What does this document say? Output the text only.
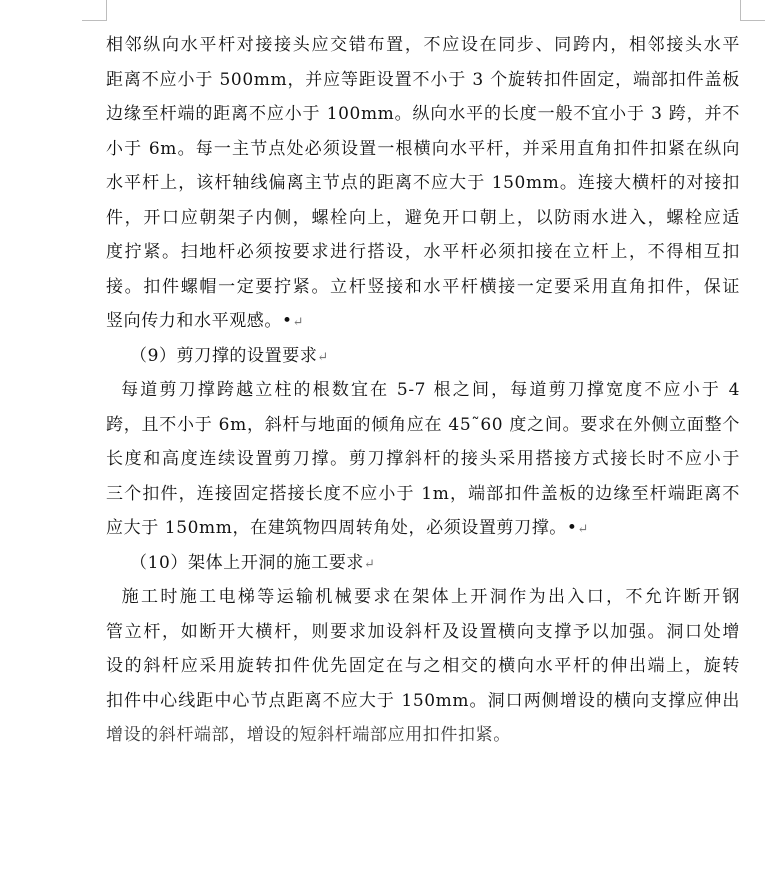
相邻纵向水平杆对接接头应交错布置，不应设在同步、同跨内，相邻接头水平
距离不应小于 500mm，并应等距设置不小于 3 个旋转扣件固定，端部扣件盖板
边缘至杆端的距离不应小于 100mm。纵向水平的长度一般不宜小于 3 跨，并不
小于 6m。每一主节点处必须设置一根横向水平杆，并采用直角扣件扣紧在纵向
水平杆上，该杆轴线偏离主节点的距离不应大于 150mm。连接大横杆的对接扣
件，开口应朝架子内侧，螺栓向上，避免开口朝上，以防雨水进入，螺栓应适
度拧紧。扫地杆必须按要求进行搭设，水平杆必须扣接在立杆上，不得相互扣
接。扣件螺帽一定要拧紧。立杆竖接和水平杆横接一定要采用直角扣件，保证
竖向传力和水平观感。•↵
（9）剪刀撑的设置要求↵
每道剪刀撑跨越立柱的根数宜在 5-7 根之间，每道剪刀撑宽度不应小于 4
跨，且不小于 6m，斜杆与地面的倾角应在 45˜60 度之间。要求在外侧立面整个
长度和高度连续设置剪刀撑。剪刀撑斜杆的接头采用搭接方式接长时不应小于
三个扣件，连接固定搭接长度不应小于 1m，端部扣件盖板的边缘至杆端距离不
应大于 150mm，在建筑物四周转角处，必须设置剪刀撑。•↵
（10）架体上开洞的施工要求↵
施工时施工电梯等运输机械要求在架体上开洞作为出入口，不允许断开钢
管立杆，如断开大横杆，则要求加设斜杆及设置横向支撑予以加强。洞口处增
设的斜杆应采用旋转扣件优先固定在与之相交的横向水平杆的伸出端上，旋转
扣件中心线距中心节点距离不应大于 150mm。洞口两侧增设的横向支撑应伸出
增设的斜杆端部，增设的短斜杆端部应用扣件扣紧。
